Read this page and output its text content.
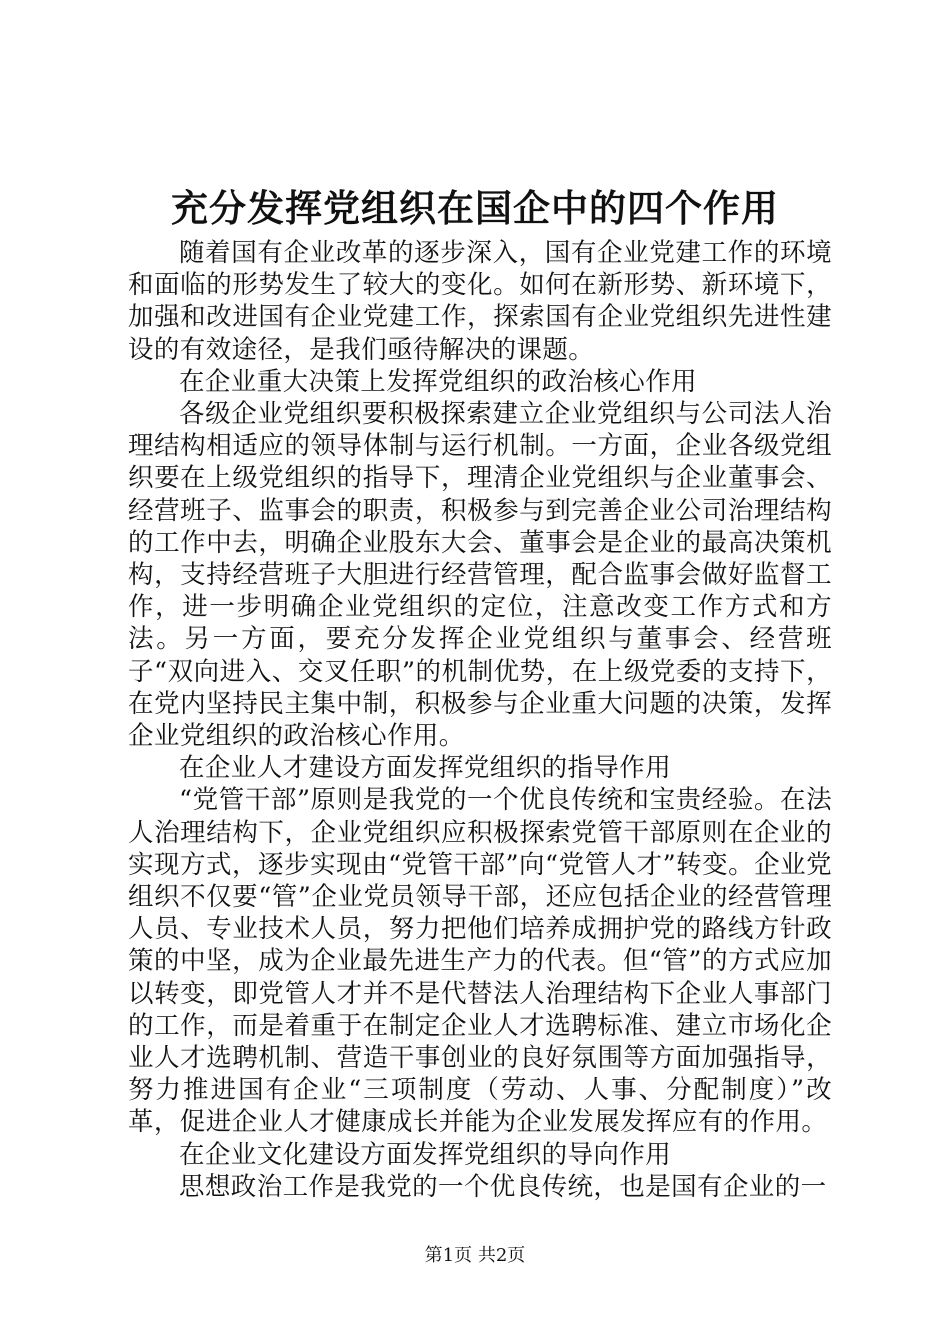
充分发挥党组织在国企中的四个作用

随着国有企业改革的逐步深入，国有企业党建工作的环境和面临的形势发生了较大的变化。如何在新形势、新环境下，加强和改进国有企业党建工作，探索国有企业党组织先进性建设的有效途径，是我们亟待解决的课题。

在企业重大决策上发挥党组织的政治核心作用

各级企业党组织要积极探索建立企业党组织与公司法人治理结构相适应的领导体制与运行机制。一方面，企业各级党组织要在上级党组织的指导下，理清企业党组织与企业董事会、经营班子、监事会的职责，积极参与到完善企业公司治理结构的工作中去，明确企业股东大会、董事会是企业的最高决策机构，支持经营班子大胆进行经营管理，配合监事会做好监督工作，进一步明确企业党组织的定位，注意改变工作方式和方法。另一方面，要充分发挥企业党组织与董事会、经营班子“双向进入、交叉任职”的机制优势，在上级党委的支持下，在党内坚持民主集中制，积极参与企业重大问题的决策，发挥企业党组织的政治核心作用。

在企业人才建设方面发挥党组织的指导作用

“党管干部”原则是我党的一个优良传统和宝贵经验。在法人治理结构下，企业党组织应积极探索党管干部原则在企业的实现方式，逐步实现由“党管干部”向“党管人才”转变。企业党组织不仅要“管”企业党员领导干部，还应包括企业的经营管理人员、专业技术人员，努力把他们培养成拥护党的路线方针政策的中坚，成为企业最先进生产力的代表。但“管”的方式应加以转变，即党管人才并不是代替法人治理结构下企业人事部门的工作，而是着重于在制定企业人才选聘标准、建立市场化企业人才选聘机制、营造干事创业的良好氛围等方面加强指导，努力推进国有企业“三项制度（劳动、人事、分配制度）”改革，促进企业人才健康成长并能为企业发展发挥应有的作用。

在企业文化建设方面发挥党组织的导向作用

思想政治工作是我党的一个优良传统，也是国有企业的一

第1页 共2页
